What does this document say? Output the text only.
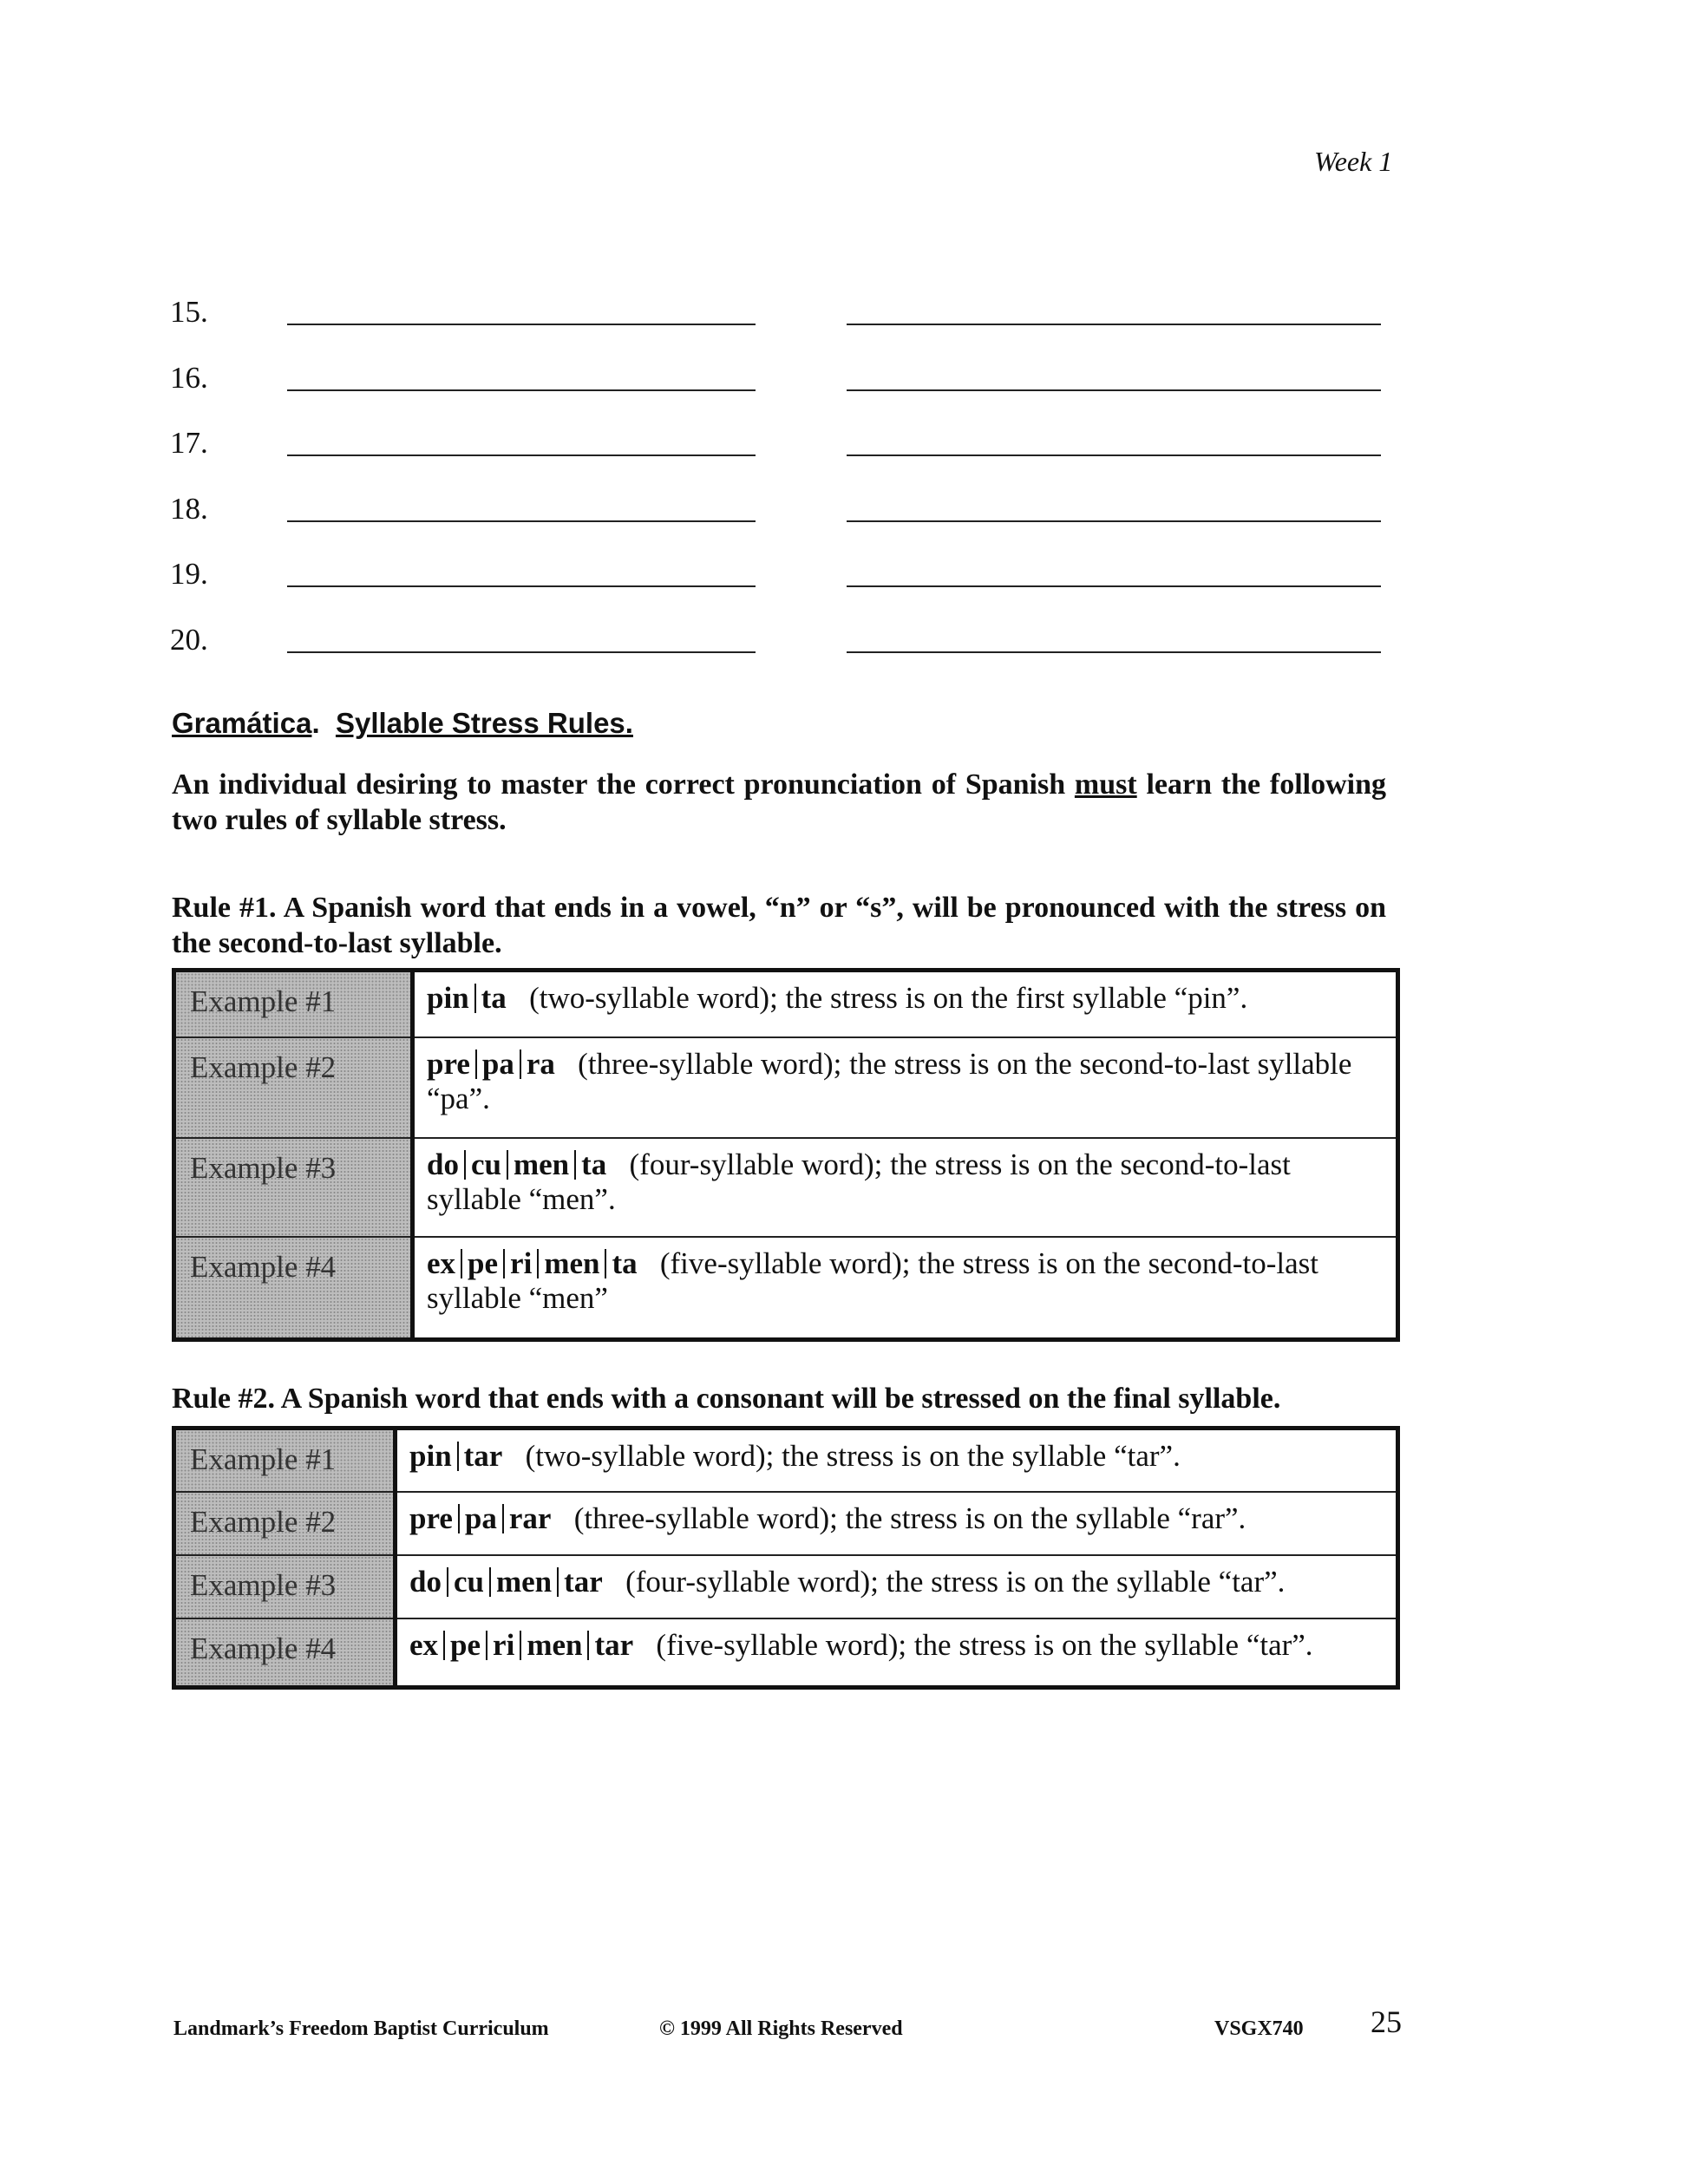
Week 1
15.
16.
17.
18.
19.
20.
Gramática. Syllable Stress Rules.
An individual desiring to master the correct pronunciation of Spanish must learn the following two rules of syllable stress.
Rule #1. A Spanish word that ends in a vowel, “n” or “s”, will be pronounced with the stress on the second-to-last syllable.
Example #1	pin ta (two-syllable word); the stress is on the first syllable “pin”.
Example #2	pre pa ra (three-syllable word); the stress is on the second-to-last syllable “pa”.
Example #3	do cu men ta (four-syllable word); the stress is on the second-to-last syllable “men”.
Example #4	ex pe ri men ta (five-syllable word); the stress is on the second-to-last syllable “men”
Rule #2. A Spanish word that ends with a consonant will be stressed on the final syllable.
Example #1	pin tar (two-syllable word); the stress is on the syllable “tar”.
Example #2	pre pa rar (three-syllable word); the stress is on the syllable “rar”.
Example #3	do cu men tar (four-syllable word); the stress is on the syllable “tar”.
Example #4	ex pe ri men tar (five-syllable word); the stress is on the syllable “tar”.
Landmark’s Freedom Baptist Curriculum	© 1999 All Rights Reserved	VSGX740 25
